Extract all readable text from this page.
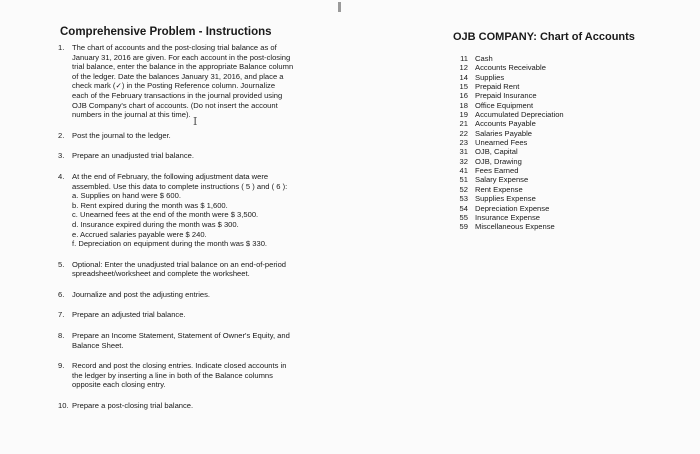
Comprehensive Problem - Instructions
1.	The chart of accounts and the post-closing trial balance as of
January 31, 2016 are given. For each account in the post-closing
trial balance, enter the balance in the appropriate Balance column
of the ledger. Date the balances January 31, 2016, and place a
check mark (✓) in the Posting Reference column. Journalize
each of the February transactions in the journal provided using
OJB Company's chart of accounts. (Do not insert the account
numbers in the journal at this time).
2.	Post the journal to the ledger.
3.	Prepare an unadjusted trial balance.
4.	At the end of February, the following adjustment data were
assembled. Use this data to complete instructions ( 5 ) and ( 6 ):
a. Supplies on hand were $ 600.
b. Rent expired during the month was $ 1,600.
c. Unearned fees at the end of the month were $ 3,500.
d. Insurance expired during the month was $ 300.
e. Accrued salaries payable were $ 240.
f. Depreciation on equipment during the month was $ 330.
5.	Optional: Enter the unadjusted trial balance on an end-of-period
spreadsheet/worksheet and complete the worksheet.
6.	Journalize and post the adjusting entries.
7.	Prepare an adjusted trial balance.
8.	Prepare an Income Statement, Statement of Owner's Equity, and
Balance Sheet.
9.	Record and post the closing entries. Indicate closed accounts in
the ledger by inserting a line in both of the Balance columns
opposite each closing entry.
10. Prepare a post-closing trial balance.
I
OJB COMPANY: Chart of Accounts
11 Cash
12 Accounts Receivable
14 Supplies
15 Prepaid Rent
16 Prepaid Insurance
18 Office Equipment
19 Accumulated Depreciation
21 Accounts Payable
22 Salaries Payable
23 Unearned Fees
31 OJB, Capital
32 OJB, Drawing
41 Fees Earned
51 Salary Expense
52 Rent Expense
53 Supplies Expense
54 Depreciation Expense
55 Insurance Expense
59 Miscellaneous Expense
